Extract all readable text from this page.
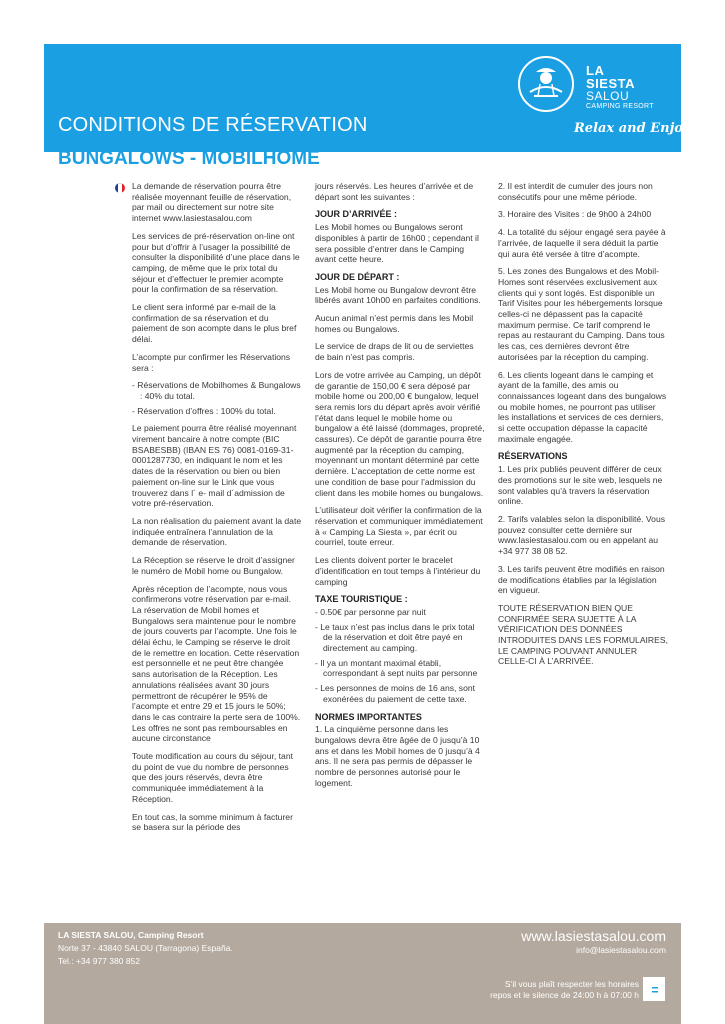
LA
SIESTA
SALOU
CAMPING RESORT
CONDITIONS DE RÉSERVATION	Relax and Enjoy
BUNGALOWS - MOBILHOME

La demande de réservation pourra être réalisée moyennant feuille de réservation, par mail ou directement sur notre site internet www.lasiestasalou.com

Les services de pré-réservation on-line ont pour but d’offrir à l’usager la possibilité de consulter la disponibilité d’une place dans le camping, de même que le prix total du séjour et d’effectuer le premier acompte pour la confirmation de sa réservation.

Le client sera informé par e-mail de la confirmation de sa réservation et du paiement de son acompte dans le plus bref délai.

L’acompte pur confirmer les Réservations sera :

- Réservations de Mobilhomes & Bungalows : 40% du total.
- Réservation d’offres : 100% du total.

Le paiement pourra être réalisé moyennant virement bancaire à notre compte (BIC BSABESBB) (IBAN ES 76) 0081-0169-31-0001287730, en indiquant le nom et les dates de la réservation ou bien ou bien paiement on-line sur le Link que vous trouverez dans l´ e- mail d´admission de votre pré-réservation.

La non réalisation du paiement avant la date indiquée entraînera l’annulation de la demande de réservation.

La Réception se réserve le droit d’assigner le numéro de Mobil home ou Bungalow.

Après réception de l’acompte, nous vous confirmerons votre réservation par e-mail. La réservation de Mobil homes et Bungalows sera maintenue pour le nombre de jours couverts par l’acompte. Une fois le délai échu, le Camping se réserve le droit de le remettre en location. Cette réservation est personnelle et ne peut être changée sans autorisation de la Réception. Les annulations réalisées avant 30 jours permettront de récupérer le 95% de l’acompte et entre 29 et 15 jours le 50%; dans le cas contraire la perte sera de 100%. Les offres ne sont pas remboursables en aucune circonstance

Toute modification au cours du séjour, tant du point de vue du nombre de personnes que des jours réservés, devra être communiquée immédiatement à la Réception.

En tout cas, la somme minimum à facturer se basera sur la période des

jours réservés. Les heures d’arrivée et de départ sont les suivantes :

JOUR D’ARRIVÉE :

Les Mobil homes ou Bungalows seront disponibles à partir de 16h00 ; cependant il sera possible d’entrer dans le Camping avant cette heure.

JOUR DE DÉPART :

Les Mobil home ou Bungalow devront être libérés avant 10h00 en parfaites conditions.

Aucun animal n’est permis dans les Mobil homes ou Bungalows.

Le service de draps de lit ou de serviettes de bain n’est pas compris.

Lors de votre arrivée au Camping, un dépôt de garantie de 150,00 € sera déposé par mobile home ou 200,00 € bungalow, lequel sera remis lors du départ après avoir vérifié l’état dans lequel le mobile home ou bungalow a été laissé (dommages, propreté, cassures). Ce dépôt de garantie pourra être augmenté par la réception du camping, moyennant un montant déterminé par cette dernière. L’acceptation de cette norme est une condition de base pour l’admission du client dans les mobile homes ou bungalows.

L’utilisateur doit vérifier la confirmation de la réservation et communiquer immédiatement à « Camping La Siesta », par écrit ou courriel, toute erreur.

Les clients doivent porter le bracelet d’identification en tout temps à l’intérieur du camping

TAXE TOURISTIQUE :
- 0.50€ par personne par nuit
- Le taux n’est pas inclus dans le prix total de la réservation et doit être payé en directement au camping.
- Il ya un montant maximal établi, correspondant à sept nuits par personne
- Les personnes de moins de 16 ans, sont exonérées du paiement de cette taxe.
NORMES IMPORTANTES

1. La cinquième personne dans les bungalows devra être âgée de 0 jusqu’à 10 ans et dans les Mobil homes de 0 jusqu’à 4 ans. Il ne sera pas permis de dépasser le nombre de personnes autorisé pour le logement.

2. Il est interdit de cumuler des jours non consécutifs pour une même période.

3. Horaire des Visites : de 9h00 à 24h00

4. La totalité du séjour engagé sera payée à l’arrivée, de laquelle il sera déduit la partie qui aura été versée à titre d’acompte.

5. Les zones des Bungalows et des Mobil-Homes sont réservées exclusivement aux clients qui y sont logés. Est disponible un Tarif Visites pour les hébergements lorsque celles-ci ne dépassent pas la capacité maximum permise. Ce tarif comprend le repas au restaurant du Camping. Dans tous les cas, ces dernières devront être autorisées par la réception du camping.

6. Les clients logeant dans le camping et ayant de la famille, des amis ou connaissances logeant dans des bungalows ou mobile homes, ne pourront pas utiliser les installations et services de ces derniers, si cette occupation dépasse la capacité maximale engagée.

RÉSERVATIONS

1. Les prix publiés peuvent différer de ceux des promotions sur le site web, lesquels ne sont valables qu’à travers la réservation online.

2. Tarifs valables selon la disponibilité. Vous pouvez consulter cette dernière sur www.lasiestasalou.com ou en appelant au +34 977 38 08 52.

3. Les tarifs peuvent être modifiés en raison de modifications établies par la législation en vigueur.

TOUTE RÉSERVATION BIEN QUE CONFIRMÉE SERA SUJETTE À LA VÉRIFICATION DES DONNÉES INTRODUITES DANS LES FORMULAIRES, LE CAMPING POUVANT ANNULER CELLE-CI À L’ARRIVÉE.

LA SIESTA SALOU, Camping Resort
Norte 37 - 43840 SALOU (Tarragona) España.
Tel.: +34 977 380 852
www.lasiestasalou.com
info@lasiestasalou.com
S’il vous plaît respecter les horaires
repos et le silence de 24:00 h à 07:00 h
